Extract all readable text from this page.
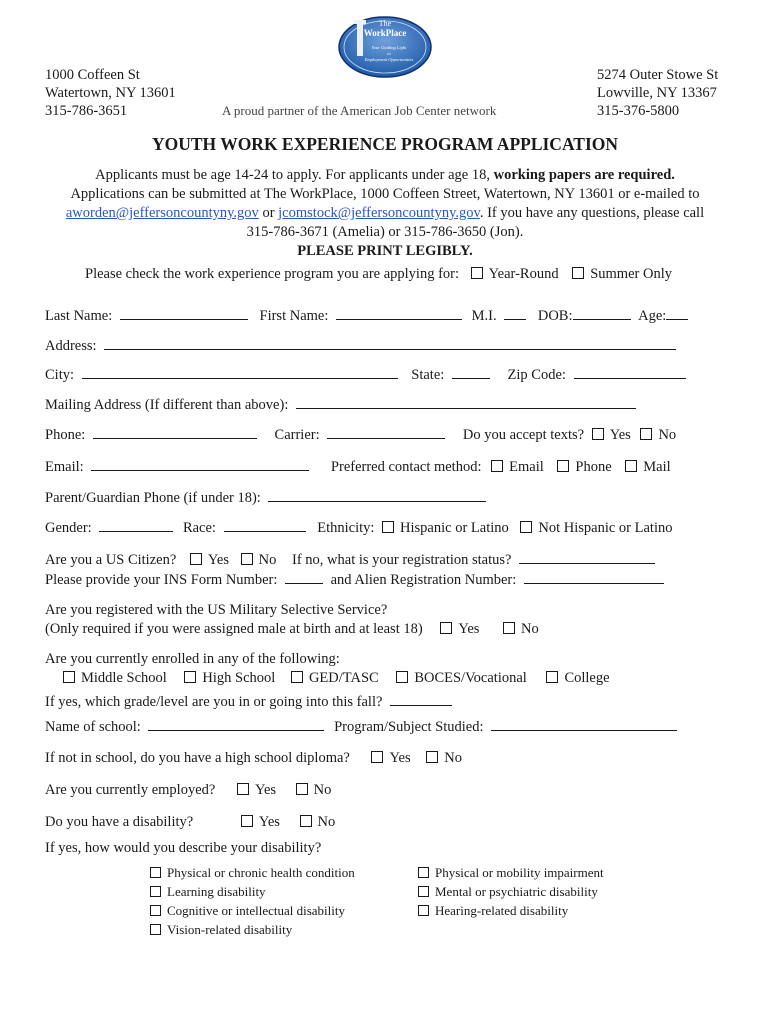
1000 Coffeen St
Watertown, NY 13601
315-786-3651
5274 Outer Stowe St
Lowville, NY 13367
315-376-5800
The
WorkPlace
Your Guiding Light
to
Employment Opportunities
A proud partner of the American Job Center network
YOUTH WORK EXPERIENCE PROGRAM APPLICATION
Applicants must be age 14-24 to apply. For applicants under age 18, working papers are required.
Applications can be submitted at The WorkPlace, 1000 Coffeen Street, Watertown, NY 13601 or e-mailed to
aworden@jeffersoncountyny.gov or jcomstock@jeffersoncountyny.gov. If you have any questions, please call
315-786-3671 (Amelia) or 315-786-3650 (Jon).
PLEASE PRINT LEGIBLY.
Please check the work experience program you are applying for: Year-Round Summer Only
Last Name:	First Name:	M.I.	DOB:	Age:
Address:
City:	State:	Zip Code:
Mailing Address (If different than above):
Phone:	Carrier:	Do you accept texts? Yes No
Email:	Preferred contact method: Email Phone Mail
Parent/Guardian Phone (if under 18):
Gender:	Race:	Ethnicity: Hispanic or Latino Not Hispanic or Latino
Are you a US Citizen? Yes No If no, what is your registration status?
Please provide your INS Form Number:	and Alien Registration Number:
Are you registered with the US Military Selective Service?
(Only required if you were assigned male at birth and at least 18) Yes	No
Are you currently enrolled in any of the following:
Middle School High School GED/TASC BOCES/Vocational	College
If yes, which grade/level are you in or going into this fall?
Name of school:	Program/Subject Studied:
If not in school, do you have a high school diploma?	Yes No
Are you currently employed?	Yes	No
Do you have a disability?	Yes	No
If yes, how would you describe your disability?
Physical or chronic health condition
Learning disability
Cognitive or intellectual disability
Vision-related disability
Physical or mobility impairment
Mental or psychiatric disability
Hearing-related disability
